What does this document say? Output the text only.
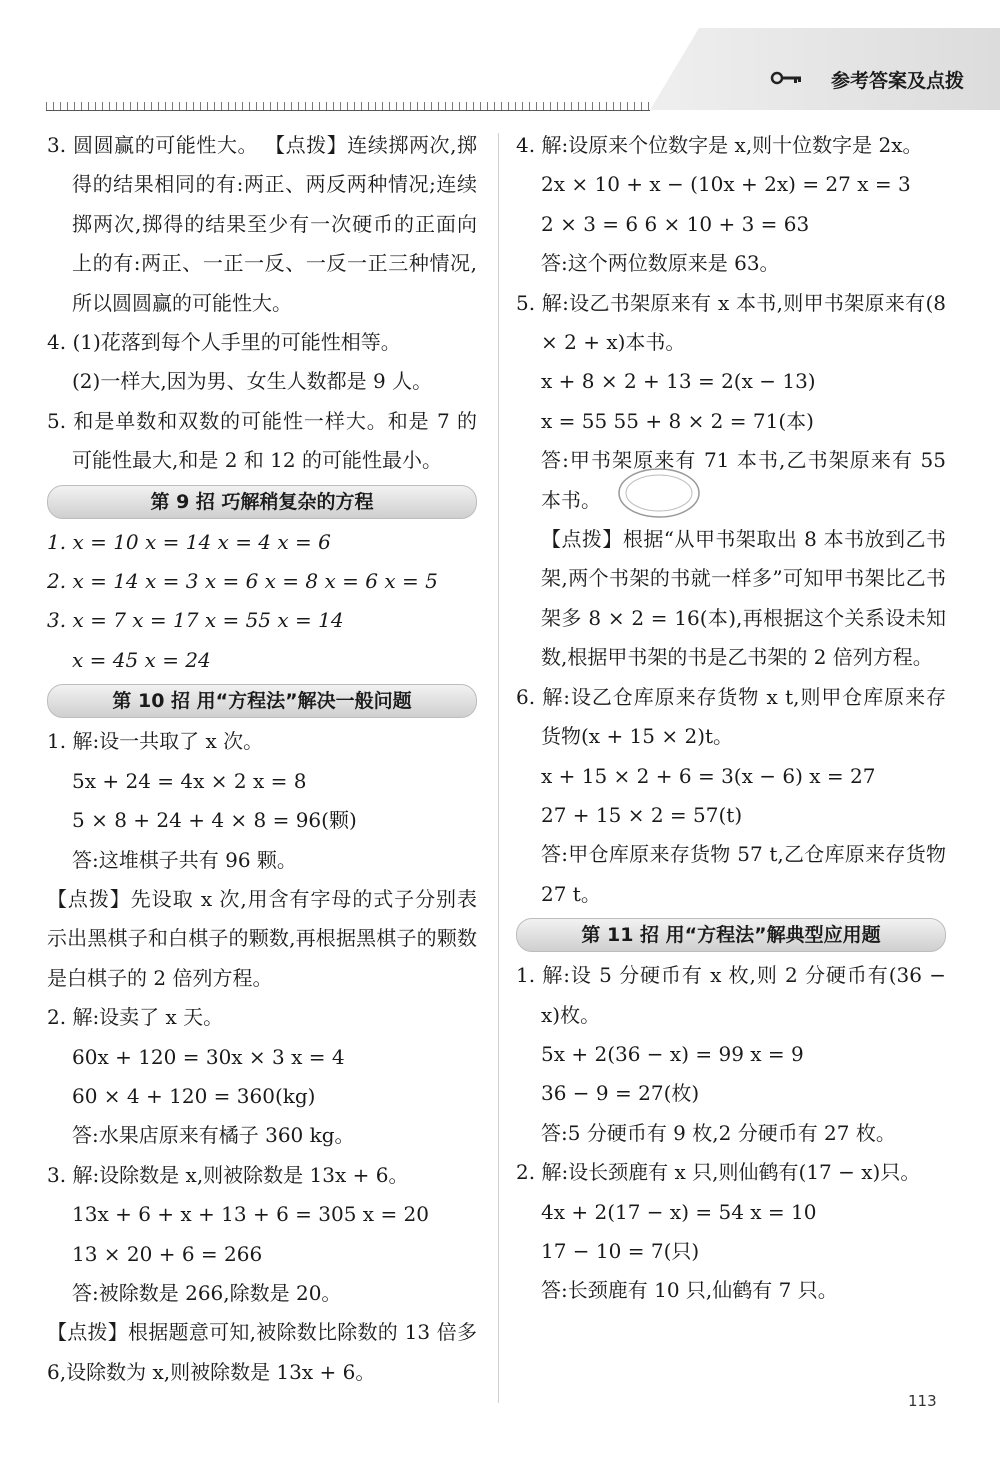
参考答案及点拨

3. 圆圆赢的可能性大。 【点拨】连续掷两次,掷得的结果相同的有:两正、两反两种情况;连续掷两次,掷得的结果至少有一次硬币的正面向上的有:两正、一正一反、一反一正三种情况,所以圆圆赢的可能性大。

4. (1)花落到每个人手里的可能性相等。

(2)一样大,因为男、女生人数都是 9 人。

5. 和是单数和双数的可能性一样大。和是 7 的可能性最大,和是 2 和 12 的可能性最小。

第 9 招 巧解稍复杂的方程

1. x = 10 x = 14 x = 4 x = 6

2. x = 14 x = 3 x = 6 x = 8 x = 6 x = 5

3. x = 7 x = 17 x = 55 x = 14

x = 45 x = 24

第 10 招 用“方程法”解决一般问题

1. 解:设一共取了 x 次。

5x + 24 = 4x × 2 x = 8

5 × 8 + 24 + 4 × 8 = 96(颗)

答:这堆棋子共有 96 颗。

【点拨】先设取 x 次,用含有字母的式子分别表示出黑棋子和白棋子的颗数,再根据黑棋子的颗数是白棋子的 2 倍列方程。

2. 解:设卖了 x 天。

60x + 120 = 30x × 3 x = 4

60 × 4 + 120 = 360(kg)

答:水果店原来有橘子 360 kg。

3. 解:设除数是 x,则被除数是 13x + 6。

13x + 6 + x + 13 + 6 = 305 x = 20

13 × 20 + 6 = 266

答:被除数是 266,除数是 20。

【点拨】根据题意可知,被除数比除数的 13 倍多 6,设除数为 x,则被除数是 13x + 6。

4. 解:设原来个位数字是 x,则十位数字是 2x。

2x × 10 + x − (10x + 2x) = 27 x = 3

2 × 3 = 6 6 × 10 + 3 = 63

答:这个两位数原来是 63。

5. 解:设乙书架原来有 x 本书,则甲书架原来有(8 × 2 + x)本书。

x + 8 × 2 + 13 = 2(x − 13)

x = 55 55 + 8 × 2 = 71(本)

答:甲书架原来有 71 本书,乙书架原来有 55 本书。

【点拨】根据“从甲书架取出 8 本书放到乙书架,两个书架的书就一样多”可知甲书架比乙书架多 8 × 2 = 16(本),再根据这个关系设未知数,根据甲书架的书是乙书架的 2 倍列方程。

6. 解:设乙仓库原来存货物 x t,则甲仓库原来存货物(x + 15 × 2)t。

x + 15 × 2 + 6 = 3(x − 6) x = 27

27 + 15 × 2 = 57(t)

答:甲仓库原来存货物 57 t,乙仓库原来存货物 27 t。

第 11 招 用“方程法”解典型应用题

1. 解:设 5 分硬币有 x 枚,则 2 分硬币有(36 − x)枚。

5x + 2(36 − x) = 99 x = 9

36 − 9 = 27(枚)

答:5 分硬币有 9 枚,2 分硬币有 27 枚。

2. 解:设长颈鹿有 x 只,则仙鹤有(17 − x)只。

4x + 2(17 − x) = 54 x = 10

17 − 10 = 7(只)

答:长颈鹿有 10 只,仙鹤有 7 只。

113
